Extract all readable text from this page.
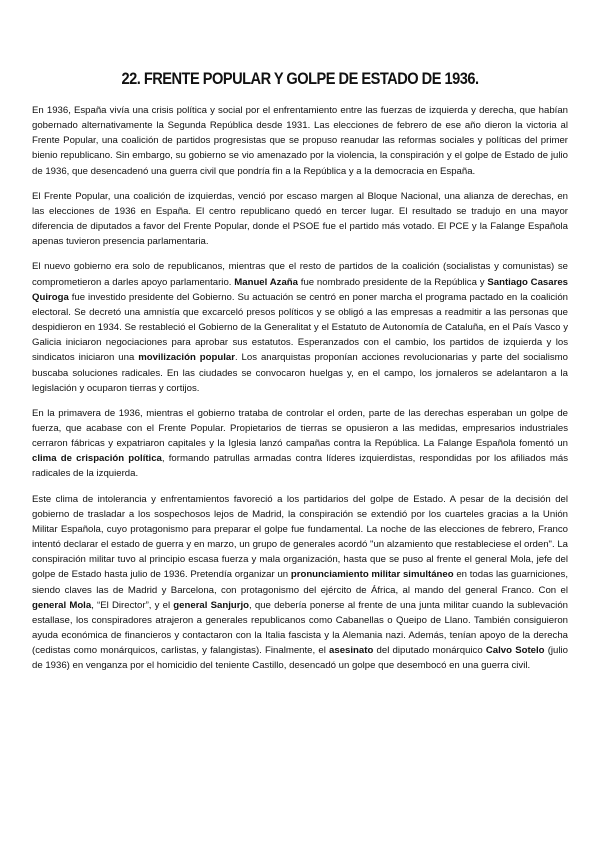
22. FRENTE POPULAR Y GOLPE DE ESTADO DE 1936.

En 1936, España vivía una crisis política y social por el enfrentamiento entre las fuerzas de izquierda y derecha, que habían gobernado alternativamente la Segunda República desde 1931. Las elecciones de febrero de ese año dieron la victoria al Frente Popular, una coalición de partidos progresistas que se propuso reanudar las reformas sociales y políticas del primer bienio republicano. Sin embargo, su gobierno se vio amenazado por la violencia, la conspiración y el golpe de Estado de julio de 1936, que desencadenó una guerra civil que pondría fin a la República y a la democracia en España.

El Frente Popular, una coalición de izquierdas, venció por escaso margen al Bloque Nacional, una alianza de derechas, en las elecciones de 1936 en España. El centro republicano quedó en tercer lugar. El resultado se tradujo en una mayor diferencia de diputados a favor del Frente Popular, donde el PSOE fue el partido más votado. El PCE y la Falange Española apenas tuvieron presencia parlamentaria.

El nuevo gobierno era solo de republicanos, mientras que el resto de partidos de la coalición (socialistas y comunistas) se comprometieron a darles apoyo parlamentario. Manuel Azaña fue nombrado presidente de la República y Santiago Casares Quiroga fue investido presidente del Gobierno. Su actuación se centró en poner marcha el programa pactado en la coalición electoral. Se decretó una amnistía que excarceló presos políticos y se obligó a las empresas a readmitir a las personas que despidieron en 1934. Se restableció el Gobierno de la Generalitat y el Estatuto de Autonomía de Cataluña, en el País Vasco y Galicia iniciaron negociaciones para aprobar sus estatutos. Esperanzados con el cambio, los partidos de izquierda y los sindicatos iniciaron una movilización popular. Los anarquistas proponían acciones revolucionarias y parte del socialismo buscaba soluciones radicales. En las ciudades se convocaron huelgas y, en el campo, los jornaleros se adelantaron a la legislación y ocuparon tierras y cortijos.

En la primavera de 1936, mientras el gobierno trataba de controlar el orden, parte de las derechas esperaban un golpe de fuerza, que acabase con el Frente Popular. Propietarios de tierras se opusieron a las medidas, empresarios industriales cerraron fábricas y expatriaron capitales y la Iglesia lanzó campañas contra la República. La Falange Española fomentó un clima de crispación política, formando patrullas armadas contra líderes izquierdistas, respondidas por los afiliados más radicales de la izquierda.

Este clima de intolerancia y enfrentamientos favoreció a los partidarios del golpe de Estado. A pesar de la decisión del gobierno de trasladar a los sospechosos lejos de Madrid, la conspiración se extendió por los cuarteles gracias a la Unión Militar Española, cuyo protagonismo para preparar el golpe fue fundamental. La noche de las elecciones de febrero, Franco intentó declarar el estado de guerra y en marzo, un grupo de generales acordó "un alzamiento que restableciese el orden". La conspiración militar tuvo al principio escasa fuerza y mala organización, hasta que se puso al frente el general Mola, jefe del golpe de Estado hasta julio de 1936. Pretendía organizar un pronunciamiento militar simultáneo en todas las guarniciones, siendo claves las de Madrid y Barcelona, con protagonismo del ejército de África, al mando del general Franco. Con el general Mola, “El Director”, y el general Sanjurjo, que debería ponerse al frente de una junta militar cuando la sublevación estallase, los conspiradores atrajeron a generales republicanos como Cabanellas o Queipo de Llano. También consiguieron ayuda económica de financieros y contactaron con la Italia fascista y la Alemania nazi. Además, tenían apoyo de la derecha (cedistas como monárquicos, carlistas, y falangistas). Finalmente, el asesinato del diputado monárquico Calvo Sotelo (julio de 1936) en venganza por el homicidio del teniente Castillo, desencadó un golpe que desembocó en una guerra civil.
